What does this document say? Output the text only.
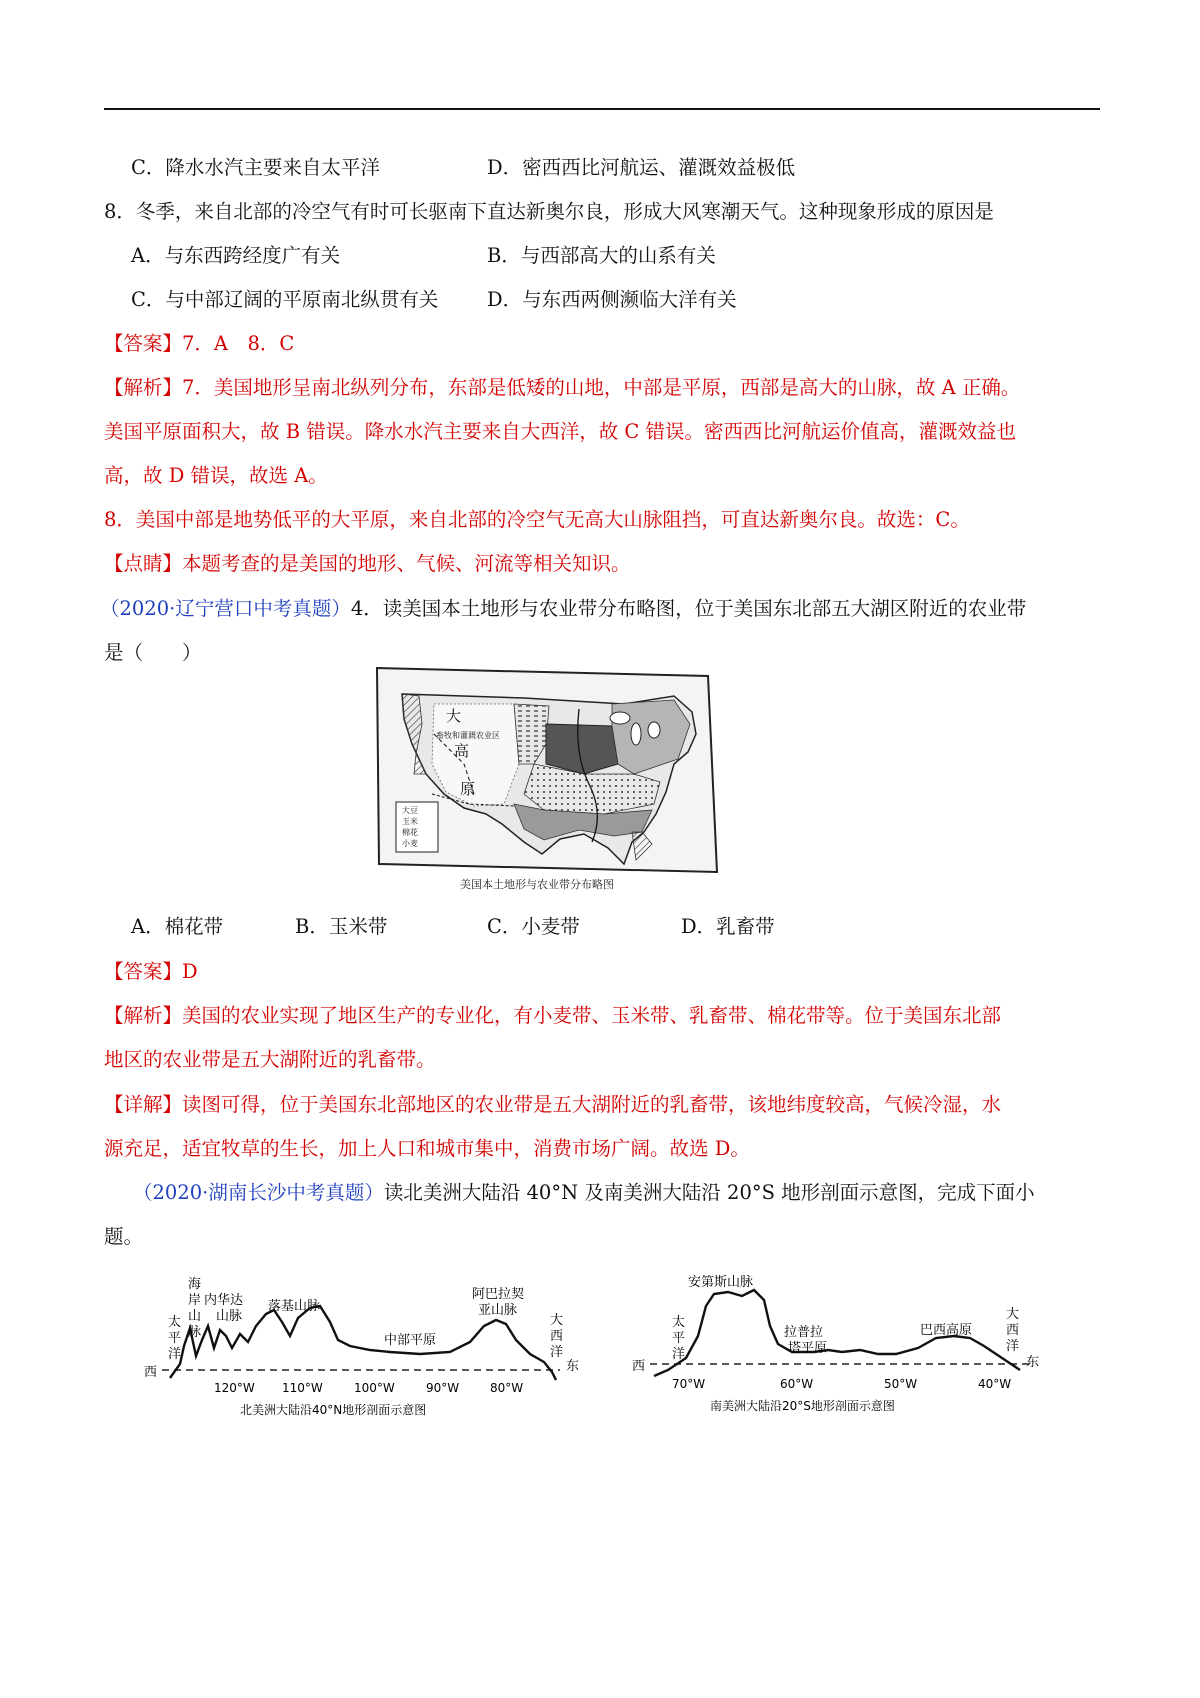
C．降水水汽主要来自太平洋	D．密西西比河航运、灌溉效益极低
8．冬季，来自北部的冷空气有时可长驱南下直达新奥尔良，形成大风寒潮天气。这种现象形成的原因是
A．与东西跨经度广有关	B．与西部高大的山系有关
C．与中部辽阔的平原南北纵贯有关 D．与东西两侧濒临大洋有关
【答案】7．A　8．C
【解析】7．美国地形呈南北纵列分布，东部是低矮的山地，中部是平原，西部是高大的山脉，故 A 正确。
美国平原面积大，故 B 错误。降水水汽主要来自大西洋，故 C 错误。密西西比河航运价值高，灌溉效益也
高，故 D 错误，故选 A。
8．美国中部是地势低平的大平原，来自北部的冷空气无高大山脉阻挡，可直达新奥尔良。故选：C。
【点睛】本题考查的是美国的地形、气候、河流等相关知识。
（2020·辽宁营口中考真题）4．读美国本土地形与农业带分布略图，位于美国东北部五大湖区附近的农业带
是（　　）
大
高
原
畜牧和灌溉农业区
大豆
玉米
棉花
小麦
美国本土地形与农业带分布略图
A．棉花带	B．玉米带	C．小麦带	D．乳畜带
【答案】D
【解析】美国的农业实现了地区生产的专业化，有小麦带、玉米带、乳畜带、棉花带等。位于美国东北部
地区的农业带是五大湖附近的乳畜带。
【详解】读图可得，位于美国东北部地区的农业带是五大湖附近的乳畜带，该地纬度较高，气候冷湿，水
源充足，适宜牧草的生长，加上人口和城市集中，消费市场广阔。故选 D。
（2020·湖南长沙中考真题）读北美洲大陆沿 40°N 及南美洲大陆沿 20°S 地形剖面示意图，完成下面小
题。
西
太
平
洋
海
岸
山
脉
内华达
山脉
落基山脉
中部平原
阿巴拉契
亚山脉
大
西
洋
东
120°W 110°W	100°W	90°W	80°W
北美洲大陆沿40°N地形剖面示意图
西
太
平
洋
安第斯山脉
拉普拉
塔平原
巴西高原
大
西
洋
东
70°W	60°W	50°W	40°W
南美洲大陆沿20°S地形剖面示意图
